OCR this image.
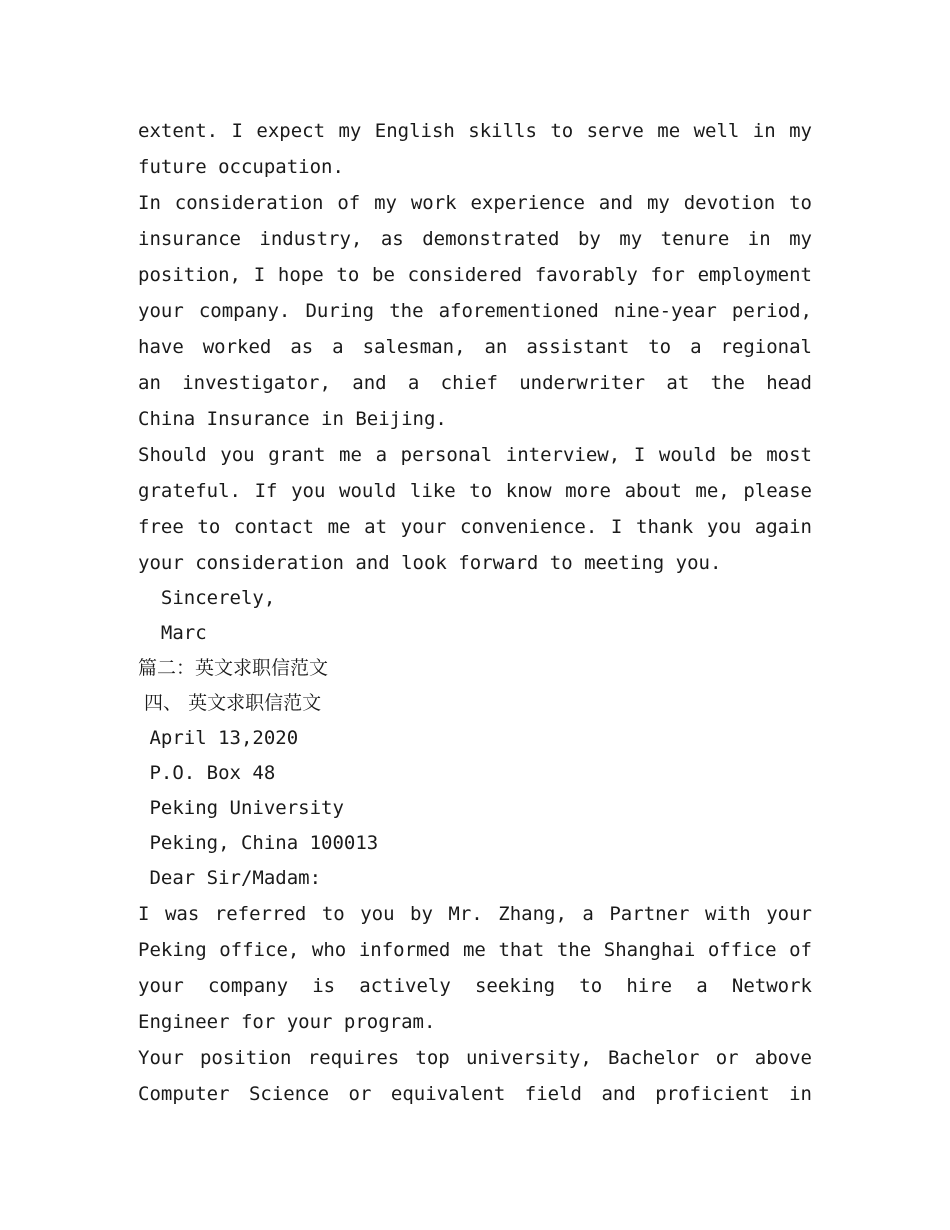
extent. I expect my English skills to serve me well in my
future occupation.
In consideration of my work experience and my devotion to
insurance industry, as demonstrated by my tenure in my
position, I hope to be considered favorably for employment
your company. During the aforementioned nine-year period,
have worked as a salesman, an assistant to a regional
an investigator, and a chief underwriter at the head
China Insurance in Beijing.
Should you grant me a personal interview, I would be most
grateful. If you would like to know more about me, please
free to contact me at your convenience. I thank you again
your consideration and look forward to meeting you.
Sincerely,
Marc
篇二：英文求职信范文
四、 英文求职信范文
April 13,2020
P.O. Box 48
Peking University
Peking, China 100013
Dear Sir/Madam:
I was referred to you by Mr. Zhang, a Partner with your
Peking office, who informed me that the Shanghai office of
your company is actively seeking to hire a Network
Engineer for your program.
Your position requires top university, Bachelor or above
Computer Science or equivalent field and proficient in
